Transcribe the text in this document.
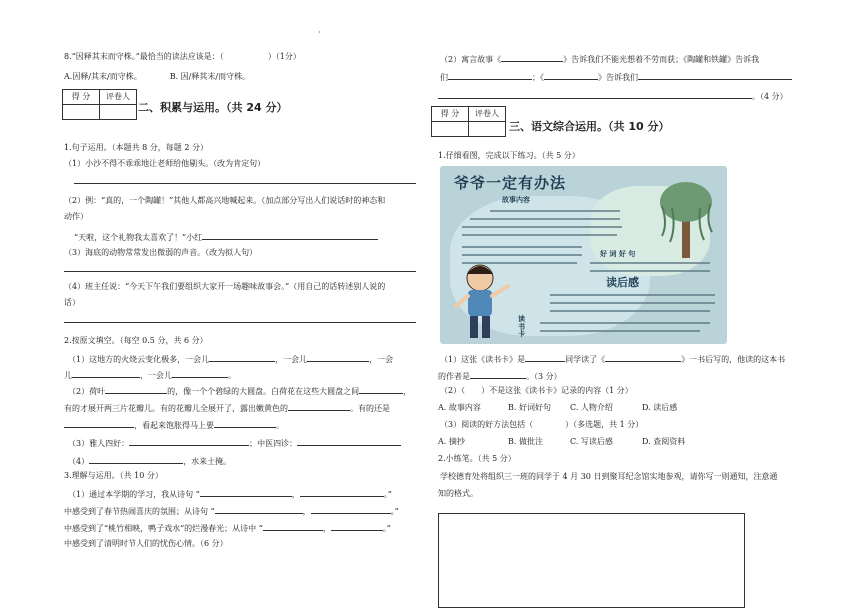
·
8.“因释其末而守株。”最恰当的读法应该是：（	）（1分）
A.因释/其末/而守株。	B. 因/释其末/而守株。
得 分	评卷人

二、积累与运用。（共 24 分）
1.句子运用。（本题共 8 分，每题 2 分）
（1）小沙不得不乖乖地让老师给他剔头。（改为肯定句）
（2）例：“真的，一个陶罐！”其他人都高兴地喊起来。（加点部分写出人们说话时的神态和
动作）
“天啦，这个礼物我太喜欢了！”小红
（3）海底的动物常常发出微弱的声音。（改为拟人句）
（4）班主任说：“今天下午我们要组织大家开一场趣味故事会。”（用自己的话转述别人说的
话）
2.按原文填空。（每空 0.5 分，共 6 分）
（1）这地方的火烧云变化极多，一会儿	，一会儿	，一会
儿	，一会儿	。
（2）荷叶	的，像一个个碧绿的大圆盘。白荷花在这些大圆盘之间	，
有的才展开两三片花瓣儿。有的花瓣儿全展开了，露出嫩黄色的	。有的还是
，看起来饱胀得马上要	。
（3）雅人四好：	；中医四诊：
（4）	，水来土掩。
3.理解与运用。（共 10 分）
（1）通过本学期的学习，我从诗句 “	，	。”
中感受到了春节热闹喜庆的氛围；从诗句 “	，	。”
中感受到了“桃竹相映，鸭子戏水”的烂漫春光；从诗中 “	，	。”
中感受到了清明时节人们的忧伤心情。（6 分）
（2）寓言故事《	》告诉我们不能光想着不劳而获；《陶罐和铁罐》告诉我
们	；《	》告诉我们
。（4 分）
得 分	评卷人

三、语文综合运用。（共 10 分）
1.仔细看图，完成以下练习。（共 5 分）
爷爷一定有办法
故事内容
好 词 好 句
读后感
读书卡
（1）这张《读书卡》是	同学读了《	》一书后写的，他读的这本书
的作者是	。（3 分）
（2）（　　）不是这张《读书卡》记录的内容（1 分）
A. 故事内容	B. 好词好句 C. 人物介绍	D. 读后感
（3）阅读的好方法包括（　　　　）（多选题，共 1 分）
A. 摘抄	B. 做批注	C. 写读后感	D. 查阅资料
2.小练笔。（共 5 分）
学校德育处将组织三一班的同学于 4 月 30 日到聚耳纪念馆实地参观，请你写一则通知，注意通
知的格式。
